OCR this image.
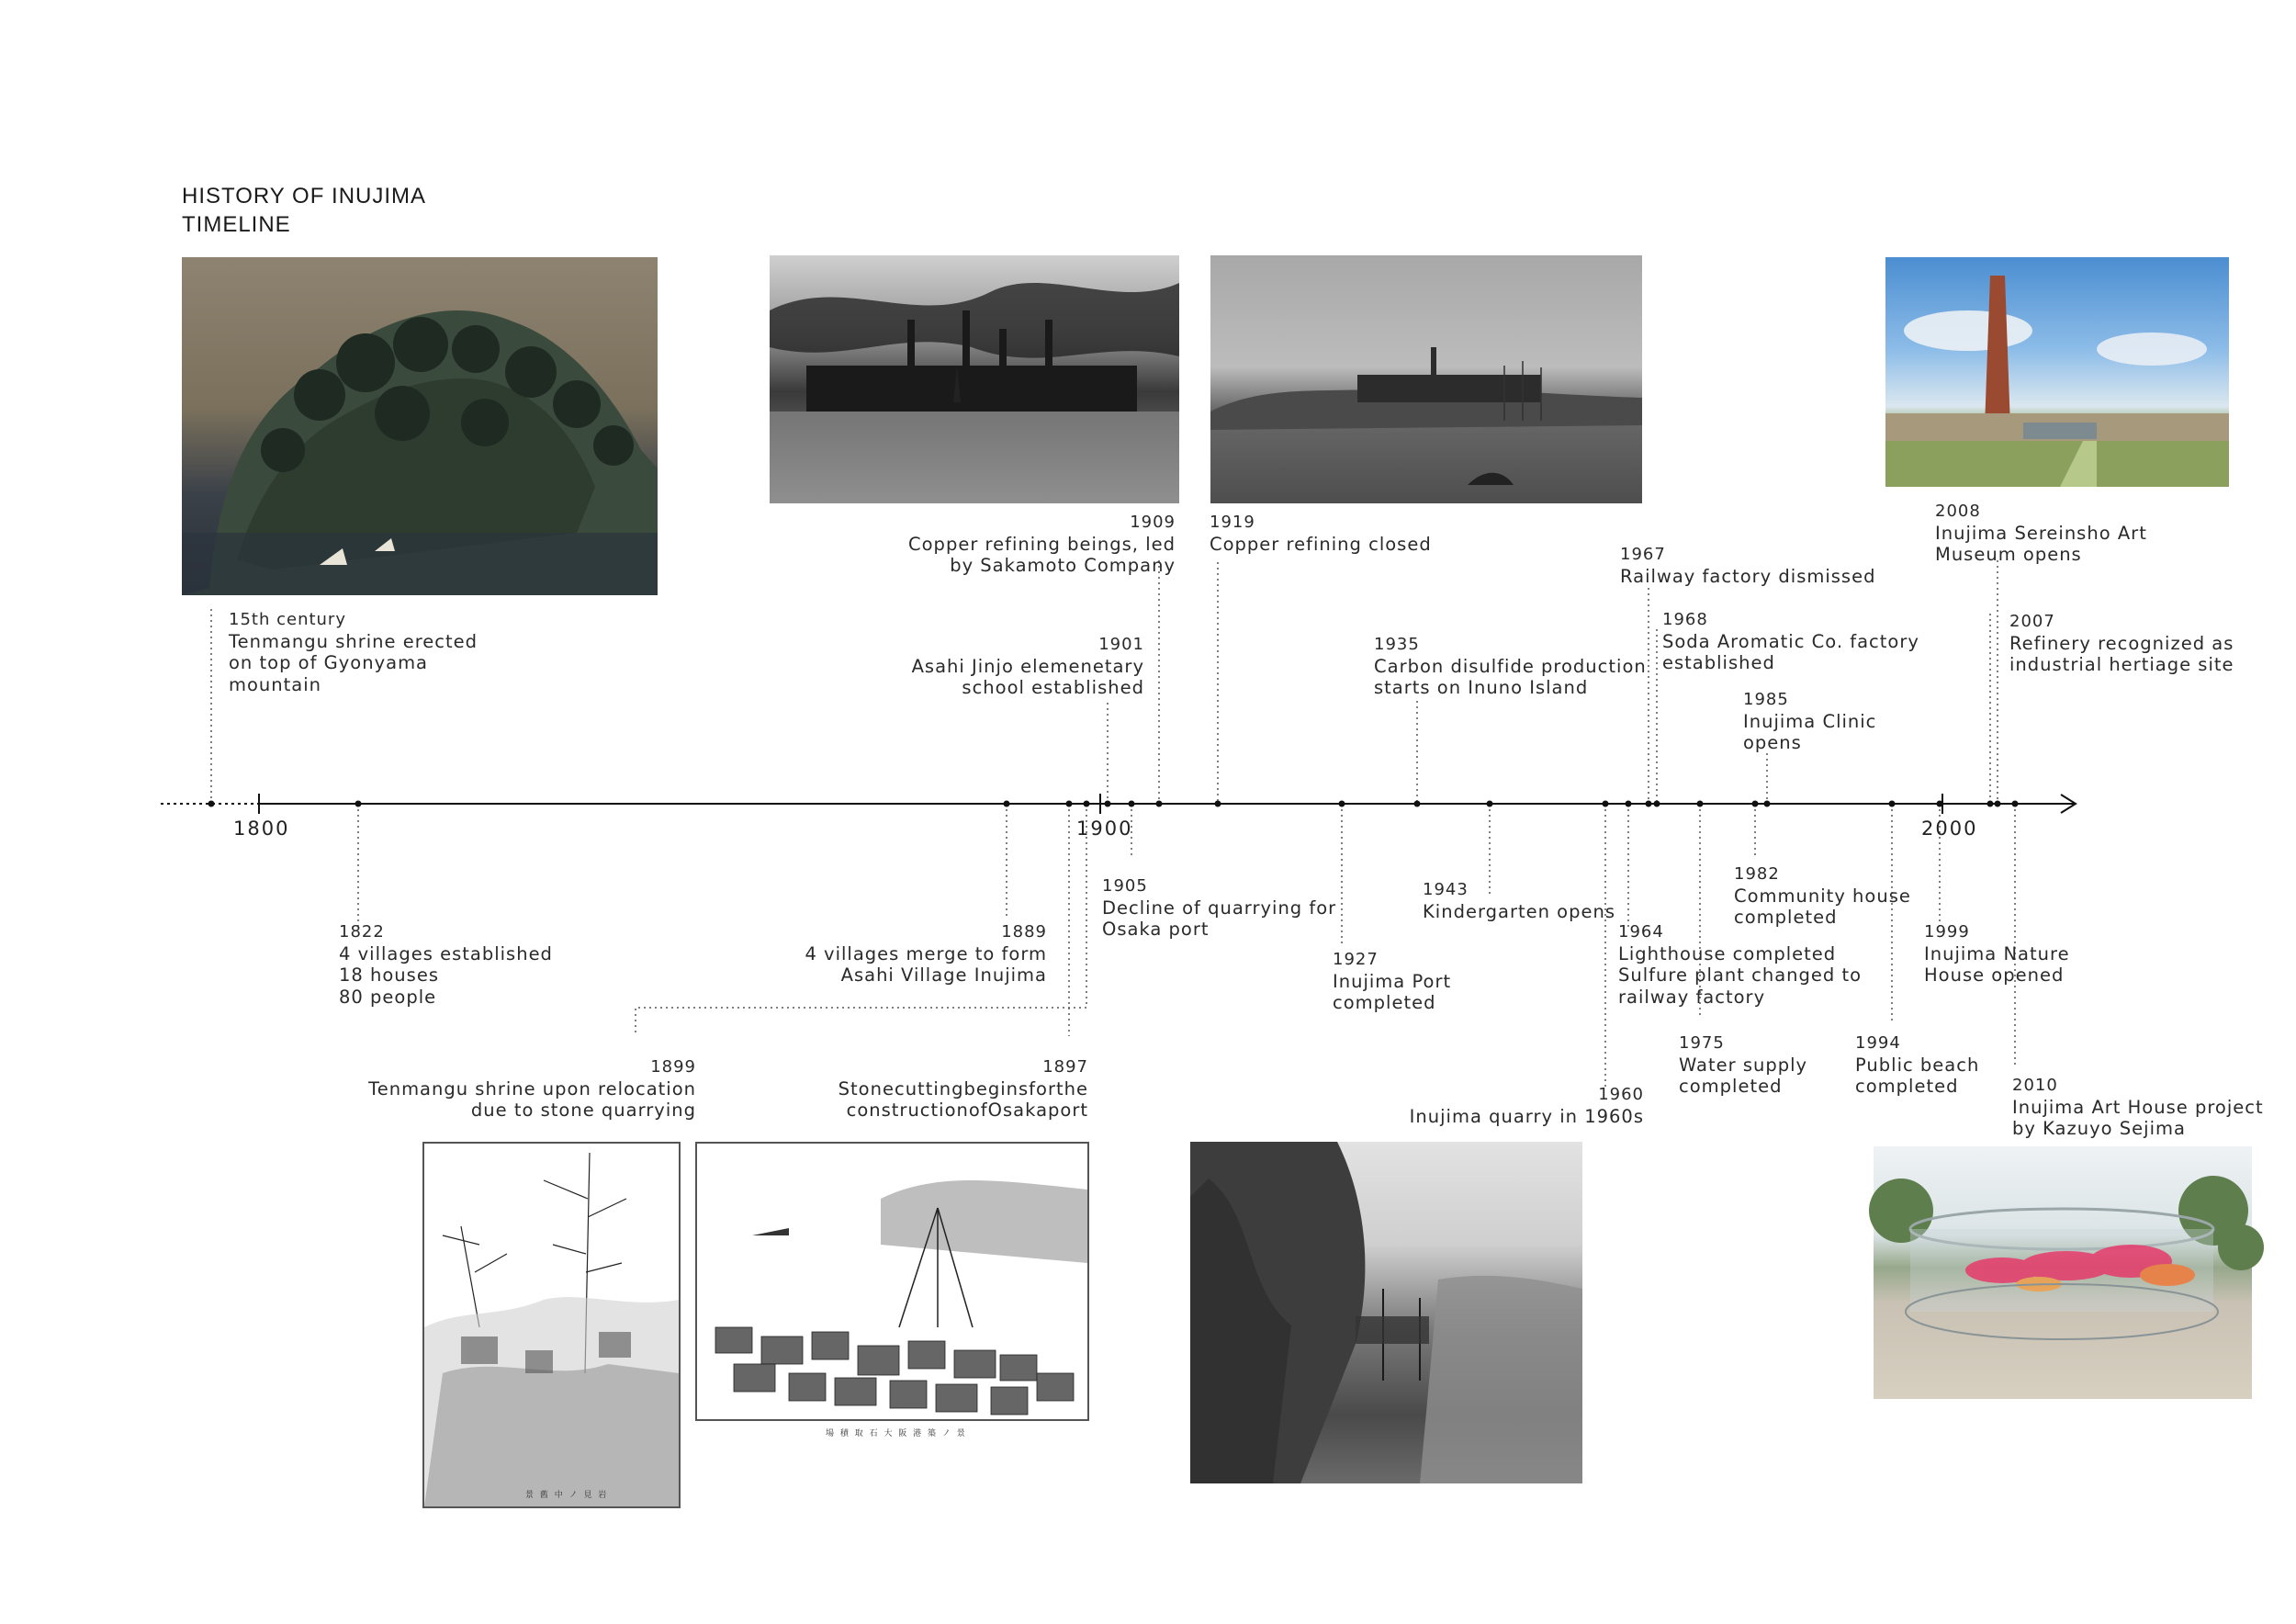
HISTORY OF INUJIMA
TIMELINE
1800	1900	2000
景 舊 中 ノ 見 岩
場 積 取 石 大 阪 港 築 ノ 景
15th century
Tenmangu shrine erected
on top of Gyonyama
mountain
1822
4 villages established
18 houses
80 people
1889
4 villages merge to form
Asahi Village Inujima
1897
Stonecuttingbeginsforthe
constructionofOsakaport
1899
Tenmangu shrine upon relocation
due to stone quarrying
1901
Asahi Jinjo elemenetary
school established
1905
Decline of quarrying for
Osaka port
1909
Copper refining beings, led
by Sakamoto Company
1919
Copper refining closed
1927
Inujima Port
completed
1935
Carbon disulfide production
starts on Inuno Island
1943
Kindergarten opens
1960
Inujima quarry in 1960s
1964
Lighthouse completed
Sulfure plant changed to
railway factory
1967
Railway factory dismissed
1968
Soda Aromatic Co. factory
established
1975
Water supply
completed
1982
Community house
completed
1985
Inujima Clinic
opens
1994
Public beach
completed
1999
Inujima Nature
House opened
2007
Refinery recognized as
industrial hertiage site
2008
Inujima Sereinsho Art
Museum opens
2010
Inujima Art House project
by Kazuyo Sejima
